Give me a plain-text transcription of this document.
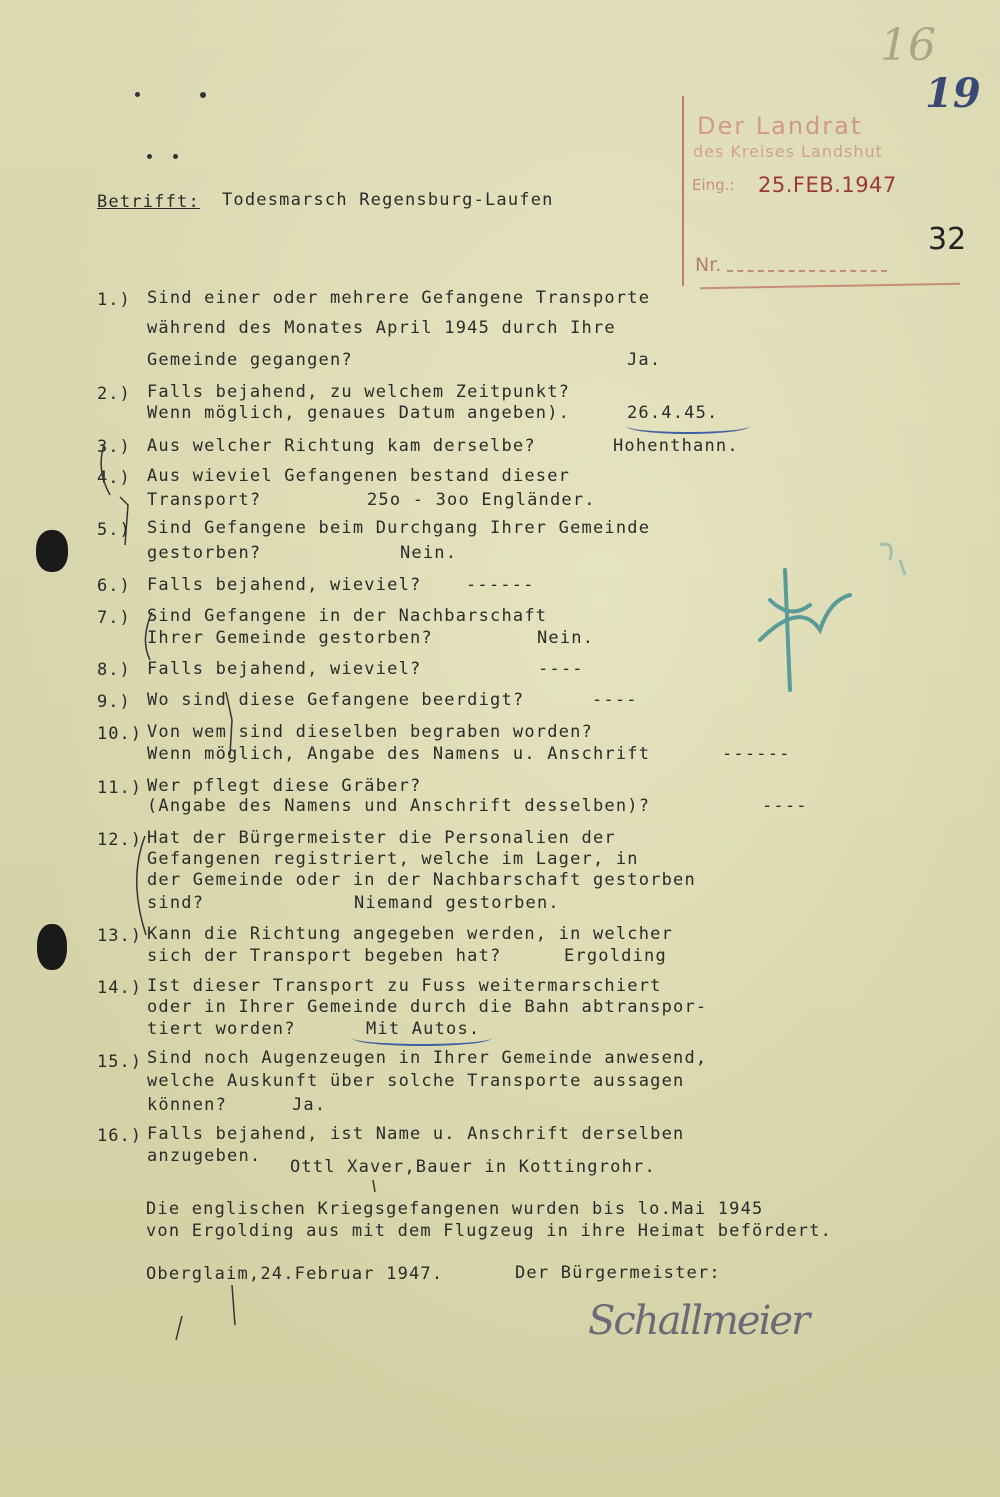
16
19
Der Landrat
des Kreises Landshut
Eing.: 25.FEB.1947
Nr.
32
Betrifft: Todesmarsch Regensburg-Laufen
1.) Sind einer oder mehrere Gefangene Transporte
während des Monates April 1945 durch Ihre
Gemeinde gegangen?	Ja.
2.) Falls bejahend, zu welchem Zeitpunkt?
Wenn möglich, genaues Datum angeben).	26.4.45.
3.) Aus welcher Richtung kam derselbe?	Hohenthann.
4.) Aus wieviel Gefangenen bestand dieser
Transport?	25o - 3oo Engländer.
5.) Sind Gefangene beim Durchgang Ihrer Gemeinde
gestorben?	Nein.
6.) Falls bejahend, wieviel?	------
7.) Sind Gefangene in der Nachbarschaft
Ihrer Gemeinde gestorben?	Nein.
8.) Falls bejahend, wieviel?	----
9.) Wo sind diese Gefangene beerdigt?	----
10.) Von wem sind dieselben begraben worden?
Wenn möglich, Angabe des Namens u. Anschrift	------
11.) Wer pflegt diese Gräber?
(Angabe des Namens und Anschrift desselben)?	----
12.) Hat der Bürgermeister die Personalien der
Gefangenen registriert, welche im Lager, in
der Gemeinde oder in der Nachbarschaft gestorben
sind?	Niemand gestorben.
13.) Kann die Richtung angegeben werden, in welcher
sich der Transport begeben hat?	Ergolding
14.) Ist dieser Transport zu Fuss weitermarschiert
oder in Ihrer Gemeinde durch die Bahn abtranspor-
tiert worden?	Mit Autos.
15.) Sind noch Augenzeugen in Ihrer Gemeinde anwesend,
welche Auskunft über solche Transporte aussagen
können?	Ja.
16.) Falls bejahend, ist Name u. Anschrift derselben
anzugeben.
Ottl Xaver,Bauer in Kottingrohr.
Die englischen Kriegsgefangenen wurden bis lo.Mai 1945
von Ergolding aus mit dem Flugzeug in ihre Heimat befördert.
Oberglaim,24.Februar 1947.	Der Bürgermeister:
Schallmeier
